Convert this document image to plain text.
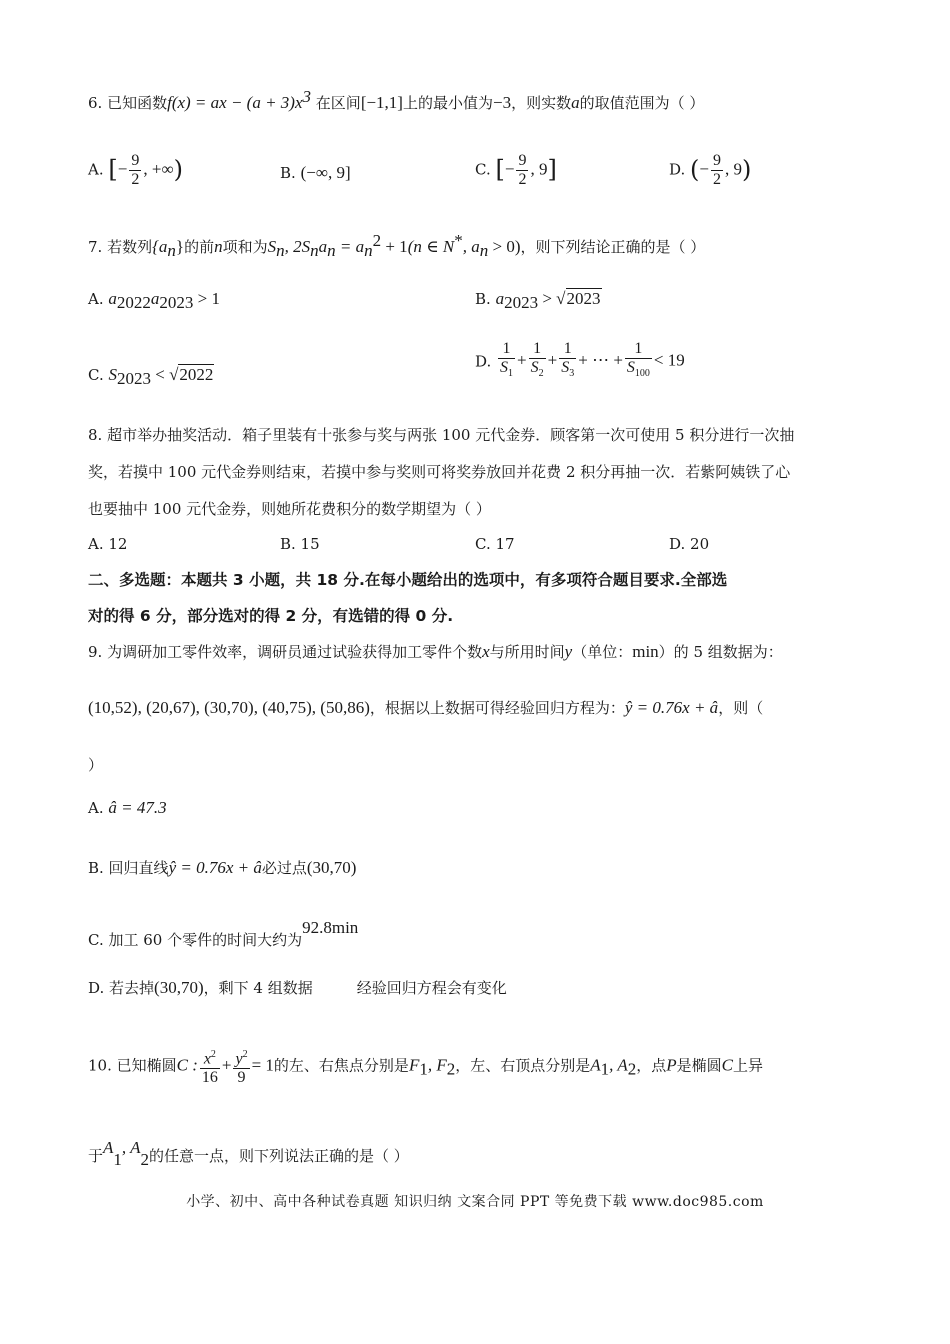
6. 已知函数f(x) = ax − $(a + 3)x^3$ 在区间[−1,1]上的最小值为−3，则实数a的取值范围为（ ）
A. [− $\frac{9}{2}$ , +∞)	B. (−∞, 9]	C. [− $\frac{9}{2}$ , 9]	D. (− $\frac{9}{2}$ , 9)
7. 若数列$\{a_n\}$的前n项和为$S_n$, $2S_na_n = a_n^2 + 1(n$ ∈ N*, $a_n > 0$)，则下列结论正确的是（ ）
A. $a_{2022}a_{2023} > 1$	B. $a_{2023} > √2023$
C. $S_{2023} < √2022$
D. $\frac{1}{S_1} + \frac{1}{S_2} + \frac{1}{S_3}$ + ⋯ + $\frac{1}{S_{100}} < 19$
8. 超市举办抽奖活动．箱子里装有十张参与奖与两张 100 元代金券．顾客第一次可使用 5 积分进行一次抽
奖，若摸中 100 元代金券则结束，若摸中参与奖则可将奖券放回并花费 2 积分再抽一次．若紫阿姨铁了心
也要抽中 100 元代金券，则她所花费积分的数学期望为（ ）
A. 12	B. 15	C. 17	D. 20
二、多选题：本题共 3 小题，共 18 分.在每小题给出的选项中，有多项符合题目要求.全部选
对的得 6 分，部分选对的得 2 分，有选错的得 0 分.
9. 为调研加工零件效率，调研员通过试验获得加工零件个数x与所用时间y（单位：min）的 5 组数据为：
(10,52), (20,67), (30,70), (40,75), (50,86)，根据以上数据可得经验回归方程为：ŷ = 0.76x + â，则（
）
A. â = 47.3
B. 回归直线ŷ = 0.76x + â必过点(30,70)
C. 加工 60 个零件的时间大约为92.8min
D. 若去掉(30,70)，剩下 4 组数据	经验回归方程会有变化
10. 已知椭圆C : $\frac{x^2}{16} + \frac{y^2}{9} = 1$的左、右焦点分别是$F_1$, $F_2$，左、右顶点分别是$A_1$, $A_2$，点P是椭圆C上异
于$A_1$, $A_2$的任意一点，则下列说法正确的是（ ）
小学、初中、高中各种试卷真题 知识归纳 文案合同 PPT 等免费下载 www.doc985.com
